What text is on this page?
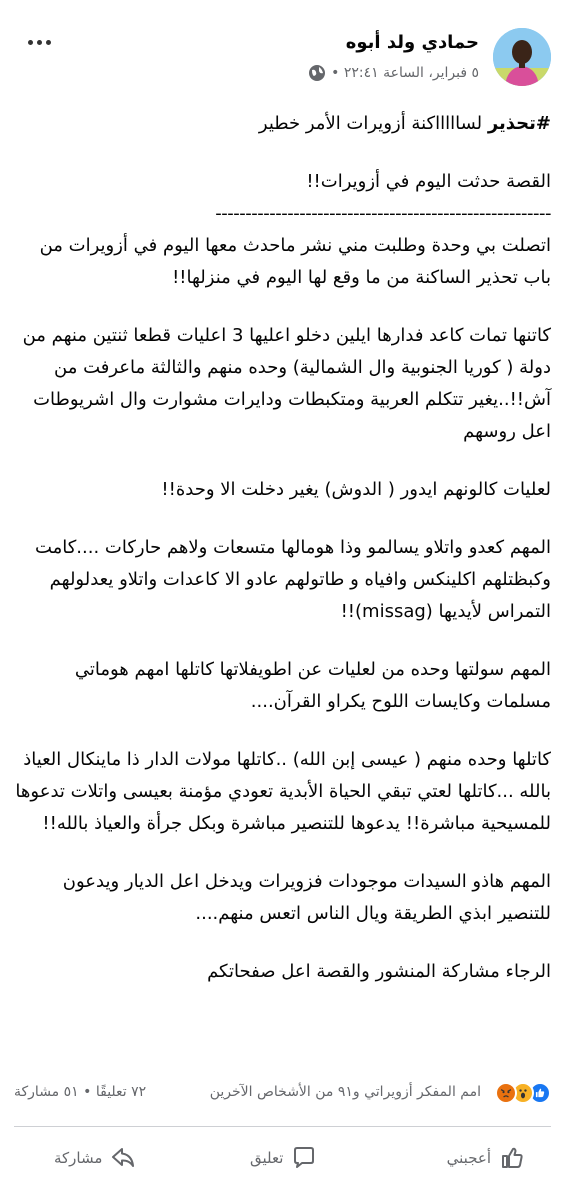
حمادي ولد أبوه
٥ فبراير، الساعة ٢٢:٤١ •

#تحذير لساااااكنة أزويرات الأمر خطير

القصة حدثت اليوم في أزويرات!!

--------------------------------------------------------

اتصلت بي وحدة وطلبت مني نشر ماحدث معها اليوم في أزويرات من باب تحذير الساكنة من ما وقع لها اليوم في منزلها!!

كاتنها تمات كاعد فدارها ايلين دخلو اعليها 3 اعليات قطعا ثنتين منهم من دولة ( كوريا الجنوبية وال الشمالية) وحده منهم والثالثة ماعرفت من آش!!..يغير تتكلم العربية ومتكبطات ودايرات مشوارت وال اشريوطات اعل روسهم

لعليات كالونهم ايدور ( الدوش) يغير دخلت الا وحدة!!

المهم كعدو واتلاو يسالمو وذا هومالها متسعات ولاهم حاركات ....كامت وكبظتلهم اكلينكس وافياه و طاتولهم عادو الا كاعدات واتلاو يعدلولهم التمراس لأيديها (missag)!!

المهم سولتها وحده من لعليات عن اطويفلاتها كاتلها امهم هوماتي مسلمات وكايسات اللوح يكراو القرآن....

كاتلها وحده منهم ( عيسى إبن الله) ..كاتلها مولات الدار ذا ماينكال العياذ بالله ...كاتلها لعتي تبقي الحياة الأبدية تعودي مؤمنة بعيسى واتلات تدعوها للمسيحية مباشرة!! يدعوها للتنصير مباشرة وبكل جرأة والعياذ بالله!!

المهم هاذو السيدات موجودات فزويرات ويدخل اعل الديار ويدعون للتنصير ابذي الطريقة ويال الناس اتعس منهم....

الرجاء مشاركة المنشور والقصة اعل صفحاتكم

امم المفكر أزويراتي و٩١ من الأشخاص الآخرين
٧٢ تعليقًا • ٥١ مشاركة
أعجبني
تعليق
مشاركة
